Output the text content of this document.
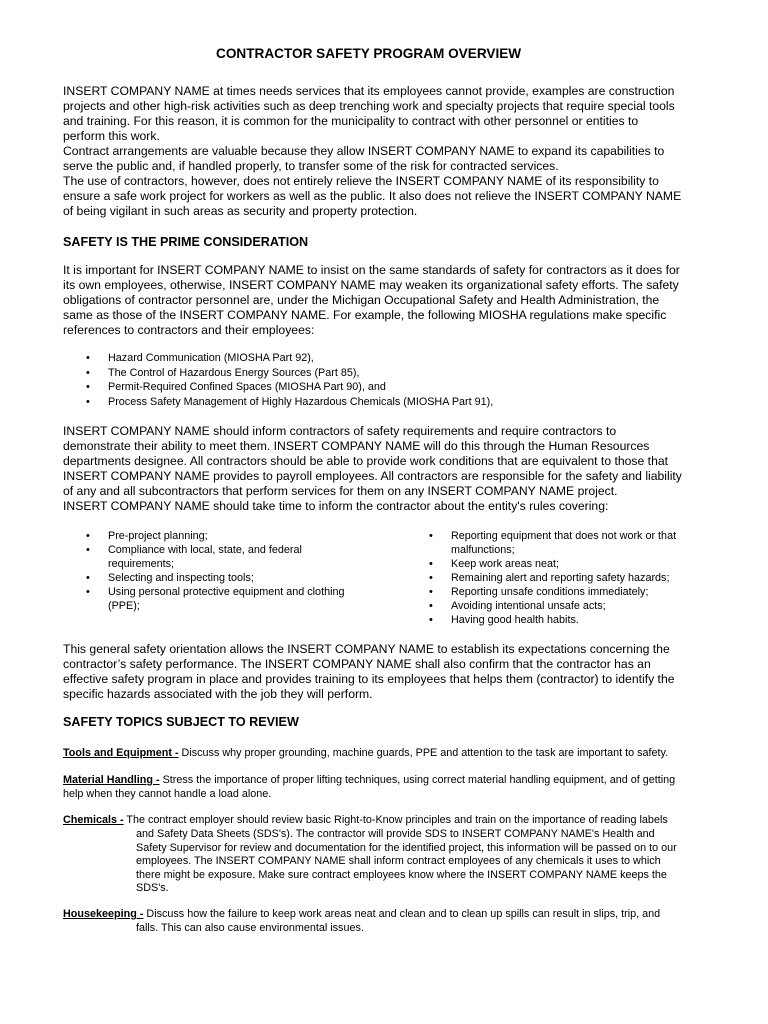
CONTRACTOR SAFETY PROGRAM OVERVIEW
INSERT COMPANY NAME at times needs services that its employees cannot provide, examples are construction
projects and other high-risk activities such as deep trenching work and specialty projects that require special tools
and training. For this reason, it is common for the municipality to contract with other personnel or entities to
perform this work.
Contract arrangements are valuable because they allow INSERT COMPANY NAME to expand its capabilities to
serve the public and, if handled properly, to transfer some of the risk for contracted services.
The use of contractors, however, does not entirely relieve the INSERT COMPANY NAME of its responsibility to
ensure a safe work project for workers as well as the public. It also does not relieve the INSERT COMPANY NAME
of being vigilant in such areas as security and property protection.
SAFETY IS THE PRIME CONSIDERATION
It is important for INSERT COMPANY NAME to insist on the same standards of safety for contractors as it does for
its own employees, otherwise, INSERT COMPANY NAME may weaken its organizational safety efforts. The safety
obligations of contractor personnel are, under the Michigan Occupational Safety and Health Administration, the
same as those of the INSERT COMPANY NAME. For example, the following MIOSHA regulations make specific
references to contractors and their employees:
• Hazard Communication (MIOSHA Part 92),
• The Control of Hazardous Energy Sources (Part 85),
• Permit-Required Confined Spaces (MIOSHA Part 90), and
• Process Safety Management of Highly Hazardous Chemicals (MIOSHA Part 91),
INSERT COMPANY NAME should inform contractors of safety requirements and require contractors to
demonstrate their ability to meet them. INSERT COMPANY NAME will do this through the Human Resources
departments designee. All contractors should be able to provide work conditions that are equivalent to those that
INSERT COMPANY NAME provides to payroll employees. All contractors are responsible for the safety and liability
of any and all subcontractors that perform services for them on any INSERT COMPANY NAME project.
INSERT COMPANY NAME should take time to inform the contractor about the entity's rules covering:
• Pre-project planning;
• Compliance with local, state, and federal
requirements;
• Selecting and inspecting tools;
• Using personal protective equipment and clothing
(PPE);
• Reporting equipment that does not work or that
malfunctions;
• Keep work areas neat;
• Remaining alert and reporting safety hazards;
• Reporting unsafe conditions immediately;
• Avoiding intentional unsafe acts;
• Having good health habits.
This general safety orientation allows the INSERT COMPANY NAME to establish its expectations concerning the
contractor’s safety performance. The INSERT COMPANY NAME shall also confirm that the contractor has an
effective safety program in place and provides training to its employees that helps them (contractor) to identify the
specific hazards associated with the job they will perform.
SAFETY TOPICS SUBJECT TO REVIEW
Tools and Equipment - Discuss why proper grounding, machine guards, PPE and attention to the task are important to safety.
Material Handling - Stress the importance of proper lifting techniques, using correct material handling equipment, and of getting
help when they cannot handle a load alone.
Chemicals - The contract employer should review basic Right-to-Know principles and train on the importance of reading labels
and Safety Data Sheets (SDS's). The contractor will provide SDS to INSERT COMPANY NAME's Health and
Safety Supervisor for review and documentation for the identified project, this information will be passed on to our
employees. The INSERT COMPANY NAME shall inform contract employees of any chemicals it uses to which
there might be exposure. Make sure contract employees know where the INSERT COMPANY NAME keeps the
SDS's.
Housekeeping - Discuss how the failure to keep work areas neat and clean and to clean up spills can result in slips, trip, and
falls. This can also cause environmental issues.
